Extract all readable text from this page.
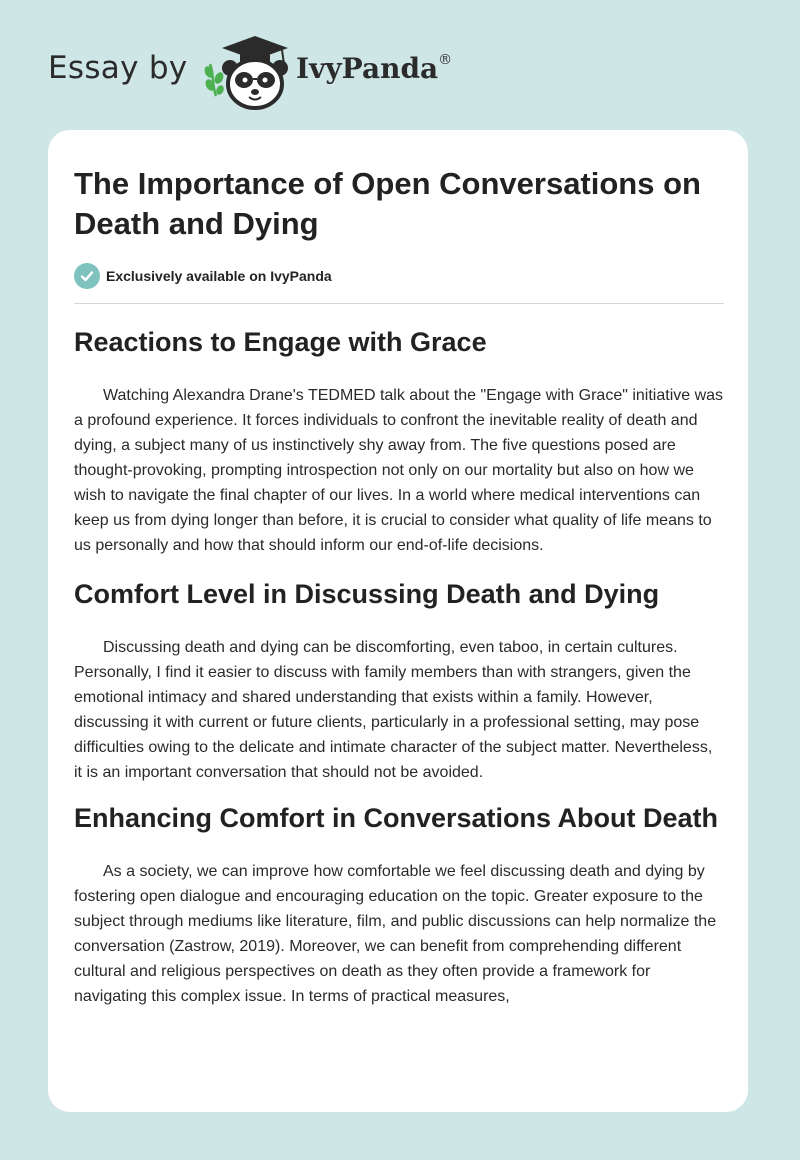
Essay by	IvyPanda®
The Importance of Open Conversations on Death and Dying
Exclusively available on IvyPanda
Reactions to Engage with Grace

Watching Alexandra Drane's TEDMED talk about the "Engage with Grace" initiative was a profound experience. It forces individuals to confront the inevitable reality of death and dying, a subject many of us instinctively shy away from. The five questions posed are thought-provoking, prompting introspection not only on our mortality but also on how we wish to navigate the final chapter of our lives. In a world where medical interventions can keep us from dying longer than before, it is crucial to consider what quality of life means to us personally and how that should inform our end-of-life decisions.

Comfort Level in Discussing Death and Dying

Discussing death and dying can be discomforting, even taboo, in certain cultures. Personally, I find it easier to discuss with family members than with strangers, given the emotional intimacy and shared understanding that exists within a family. However, discussing it with current or future clients, particularly in a professional setting, may pose difficulties owing to the delicate and intimate character of the subject matter. Nevertheless, it is an important conversation that should not be avoided.

Enhancing Comfort in Conversations About Death

As a society, we can improve how comfortable we feel discussing death and dying by fostering open dialogue and encouraging education on the topic. Greater exposure to the subject through mediums like literature, film, and public discussions can help normalize the conversation (Zastrow, 2019). Moreover, we can benefit from comprehending different cultural and religious perspectives on death as they often provide a framework for navigating this complex issue. In terms of practical measures,
